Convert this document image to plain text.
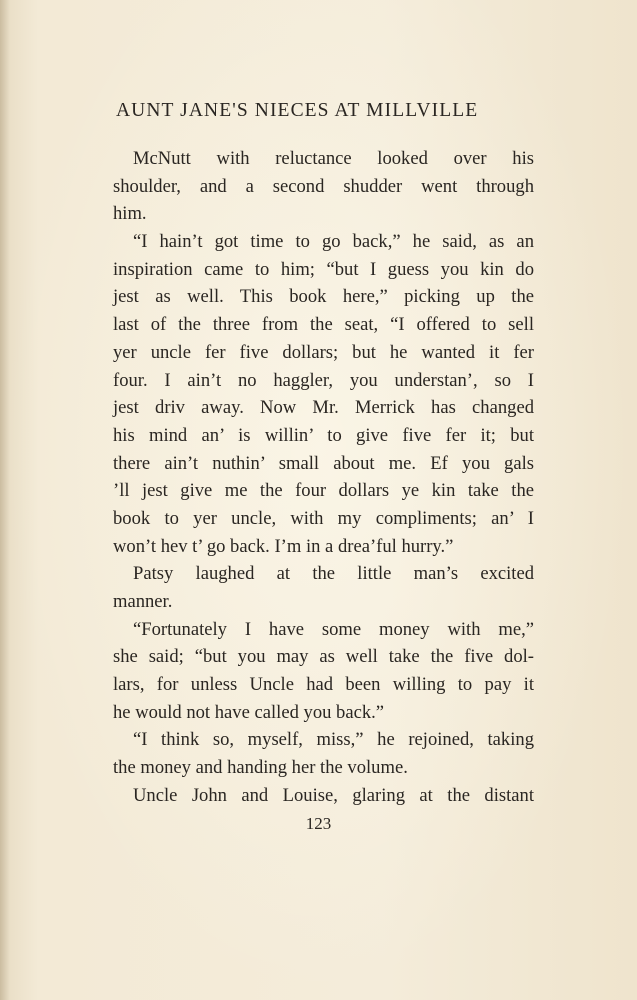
AUNT JANE'S NIECES AT MILLVILLE
McNutt with reluctance looked over his
shoulder, and a second shudder went through
him.
“I hain’t got time to go back,” he said, as an
inspiration came to him; “but I guess you kin do
jest as well. This book here,” picking up the
last of the three from the seat, “I offered to sell
yer uncle fer five dollars; but he wanted it fer
four. I ain’t no haggler, you understan’, so I
jest driv away. Now Mr. Merrick has changed
his mind an’ is willin’ to give five fer it; but
there ain’t nuthin’ small about me. Ef you gals
’ll jest give me the four dollars ye kin take the
book to yer uncle, with my compliments; an’ I
won’t hev t’ go back. I’m in a drea’ful hurry.”
Patsy laughed at the little man’s excited
manner.
“Fortunately I have some money with me,”
she said; “but you may as well take the five dol-
lars, for unless Uncle had been willing to pay it
he would not have called you back.”
“I think so, myself, miss,” he rejoined, taking
the money and handing her the volume.
Uncle John and Louise, glaring at the distant
123
